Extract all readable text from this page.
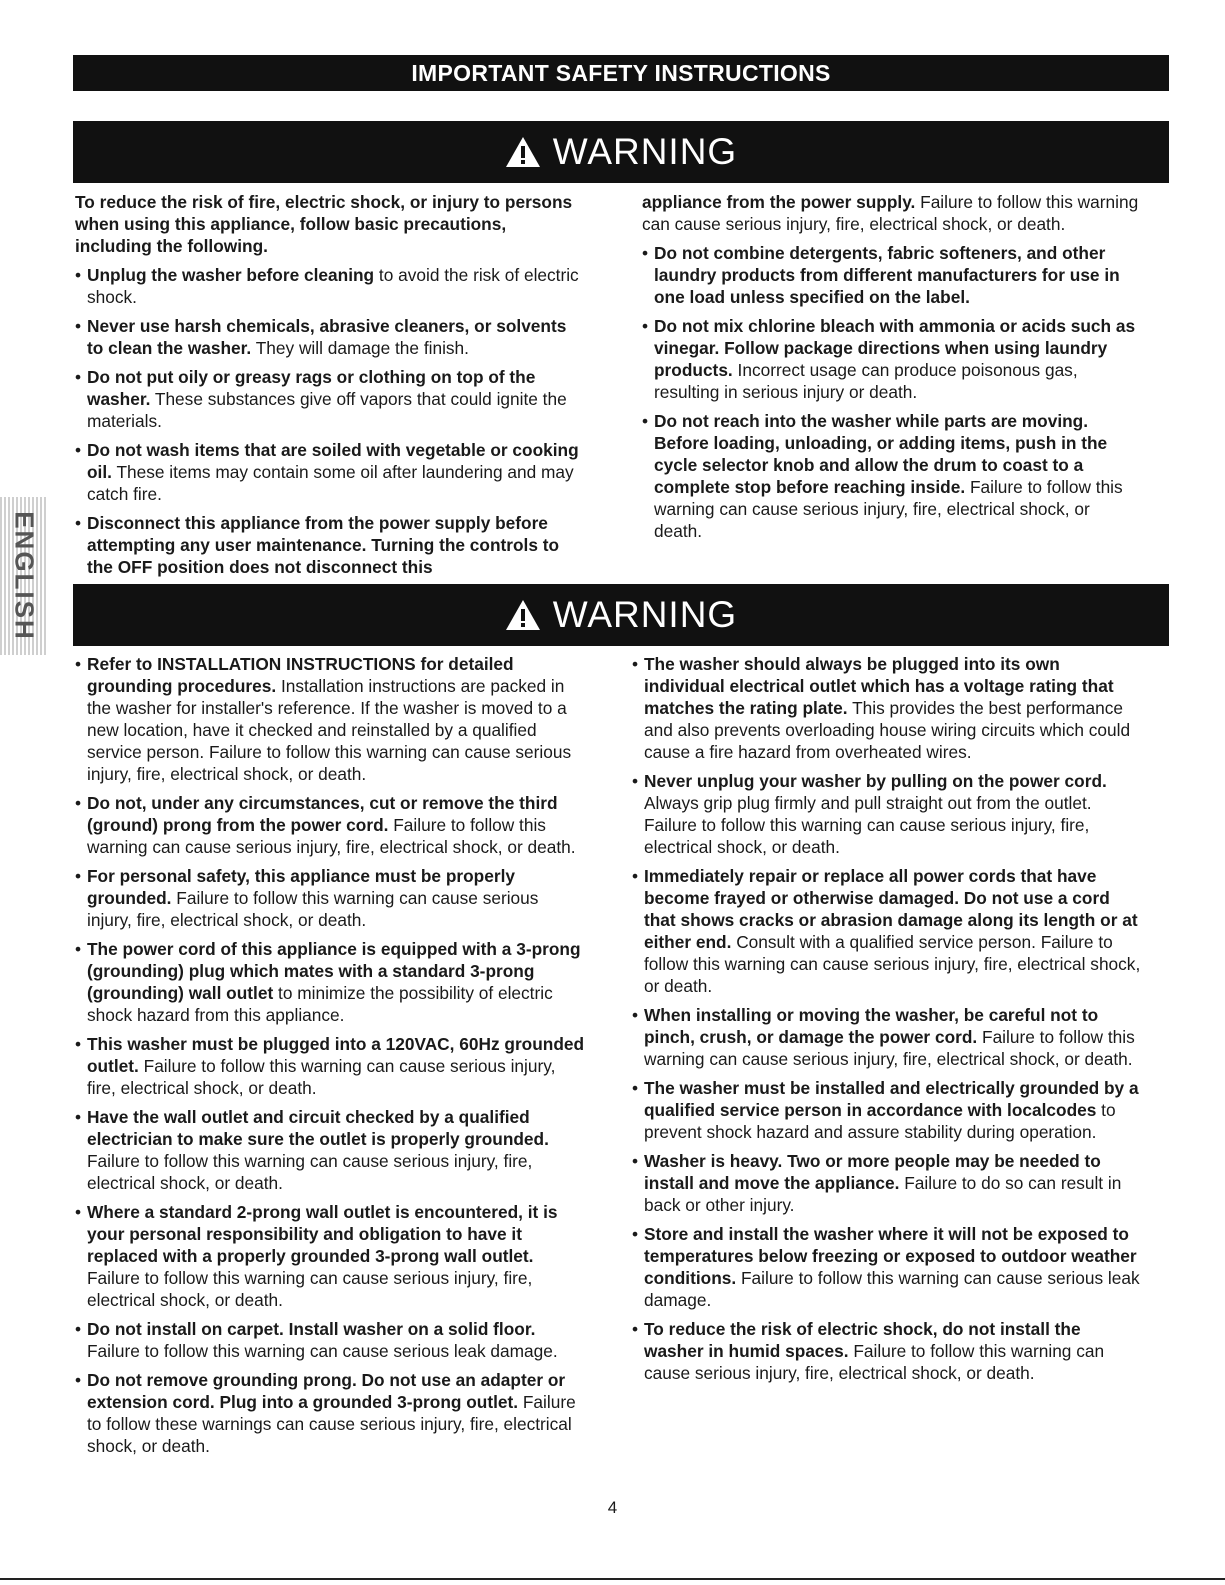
IMPORTANT SAFETY INSTRUCTIONS
WARNING

To reduce the risk of fire, electric shock, or injury to persons when using this appliance, follow basic precautions, including the following.

• Unplug the washer before cleaning to avoid the risk of electric shock.

• Never use harsh chemicals, abrasive cleaners, or solvents to clean the washer. They will damage the finish.

• Do not put oily or greasy rags or clothing on top of the washer. These substances give off vapors that could ignite the materials.

• Do not wash items that are soiled with vegetable or cooking oil. These items may contain some oil after laundering and may catch fire.

• Disconnect this appliance from the power supply before attempting any user maintenance. Turning the controls to the OFF position does not disconnect this

appliance from the power supply. Failure to follow this warning can cause serious injury, fire, electrical shock, or death.

• Do not combine detergents, fabric softeners, and other laundry products from different manufacturers for use in one load unless specified on the label.

• Do not mix chlorine bleach with ammonia or acids such as vinegar. Follow package directions when using laundry products. Incorrect usage can produce poisonous gas, resulting in serious injury or death.

• Do not reach into the washer while parts are moving. Before loading, unloading, or adding items, push in the cycle selector knob and allow the drum to coast to a complete stop before reaching inside. Failure to follow this warning can cause serious injury, fire, electrical shock, or death.

WARNING

• Refer to INSTALLATION INSTRUCTIONS for detailed grounding procedures. Installation instructions are packed in the washer for installer's reference. If the washer is moved to a new location, have it checked and reinstalled by a qualified service person. Failure to follow this warning can cause serious injury, fire, electrical shock, or death.

• Do not, under any circumstances, cut or remove the third (ground) prong from the power cord. Failure to follow this warning can cause serious injury, fire, electrical shock, or death.

• For personal safety, this appliance must be properly grounded. Failure to follow this warning can cause serious injury, fire, electrical shock, or death.

• The power cord of this appliance is equipped with a 3-prong (grounding) plug which mates with a standard 3-prong (grounding) wall outlet to minimize the possibility of electric shock hazard from this appliance.

• This washer must be plugged into a 120VAC, 60Hz grounded outlet. Failure to follow this warning can cause serious injury, fire, electrical shock, or death.

• Have the wall outlet and circuit checked by a qualified electrician to make sure the outlet is properly grounded. Failure to follow this warning can cause serious injury, fire, electrical shock, or death.

• Where a standard 2-prong wall outlet is encountered, it is your personal responsibility and obligation to have it replaced with a properly grounded 3-prong wall outlet. Failure to follow this warning can cause serious injury, fire, electrical shock, or death.

• Do not install on carpet. Install washer on a solid floor. Failure to follow this warning can cause serious leak damage.

• Do not remove grounding prong. Do not use an adapter or extension cord. Plug into a grounded 3-prong outlet. Failure to follow these warnings can cause serious injury, fire, electrical shock, or death.

• The washer should always be plugged into its own individual electrical outlet which has a voltage rating that matches the rating plate. This provides the best performance and also prevents overloading house wiring circuits which could cause a fire hazard from overheated wires.

• Never unplug your washer by pulling on the power cord. Always grip plug firmly and pull straight out from the outlet. Failure to follow this warning can cause serious injury, fire, electrical shock, or death.

• Immediately repair or replace all power cords that have become frayed or otherwise damaged. Do not use a cord that shows cracks or abrasion damage along its length or at either end. Consult with a qualified service person. Failure to follow this warning can cause serious injury, fire, electrical shock, or death.

• When installing or moving the washer, be careful not to pinch, crush, or damage the power cord. Failure to follow this warning can cause serious injury, fire, electrical shock, or death.

• The washer must be installed and electrically grounded by a qualified service person in accordance with localcodes to prevent shock hazard and assure stability during operation.

• Washer is heavy. Two or more people may be needed to install and move the appliance. Failure to do so can result in back or other injury.

• Store and install the washer where it will not be exposed to temperatures below freezing or exposed to outdoor weather conditions. Failure to follow this warning can cause serious leak damage.

• To reduce the risk of electric shock, do not install the washer in humid spaces. Failure to follow this warning can cause serious injury, fire, electrical shock, or death.

ENGLISH
4
